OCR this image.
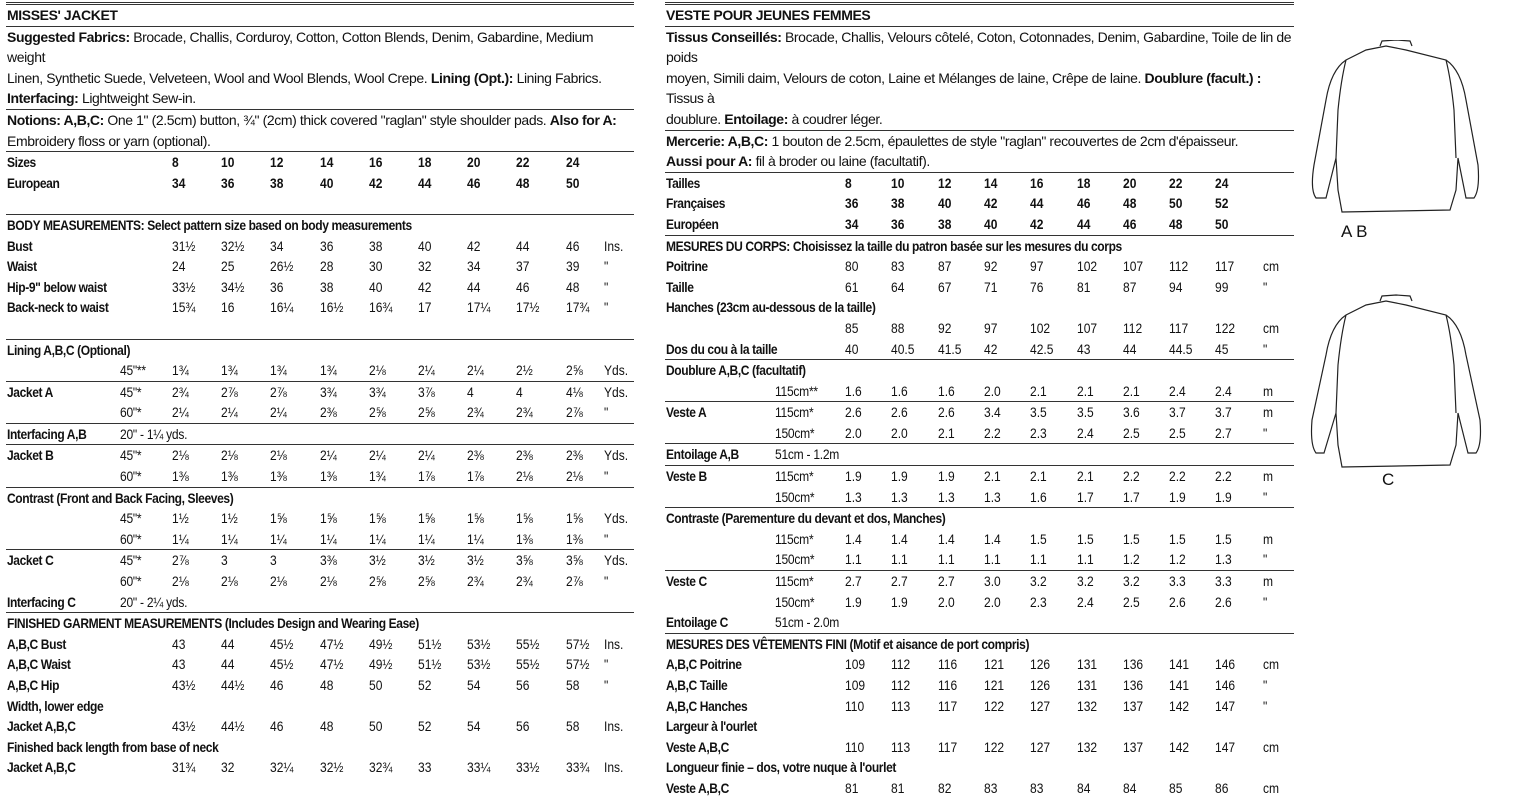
MISSES' JACKET
Suggested Fabrics: Brocade, Challis, Corduroy, Cotton, Cotton Blends, Denim, Gabardine, Medium weight
Linen, Synthetic Suede, Velveteen, Wool and Wool Blends, Wool Crepe. Lining (Opt.): Lining Fabrics.
Interfacing: Lightweight Sew-in.
Notions: A,B,C: One 1" (2.5cm) button, ¾" (2cm) thick covered "raglan" style shoulder pads. Also for A:
Embroidery floss or yarn (optional).
Sizes	8	10	12	14	16	18	20	22	24
European	34	36	38	40	42	44	46	48	50
BODY MEASUREMENTS: Select pattern size based on body measurements
Bust	31½ 32½ 34	36	38	40	42	44	46 Ins.
Waist	24	25	26½ 28	30	32	34	37	39 "
Hip-9" below waist	33½ 34½ 36	38	40	42	44	46	48 "
Back-neck to waist	15¾ 16	16¼ 16½ 16¾ 17	17¼ 17½ 17¾ "
Lining A,B,C (Optional)
45"** 1¾ 1¾ 1¾ 1¾ 2⅛ 2¼ 2¼ 2½ 2⅝ Yds.
Jacket A	45"* 2¾ 2⅞ 2⅞ 3¾ 3¾ 3⅞ 4	4	4⅛ Yds.
60"* 2¼ 2¼ 2¼ 2⅜ 2⅝ 2⅝ 2¾ 2¾ 2⅞ "
Interfacing A,B 20" - 1¼ yds.
Jacket B	45"* 2⅛ 2⅛ 2⅛ 2¼ 2¼ 2¼ 2⅜ 2⅜ 2⅜ Yds.
60"* 1⅜ 1⅜ 1⅜ 1⅜ 1¾ 1⅞ 1⅞ 2⅛ 2⅛ "
Contrast (Front and Back Facing, Sleeves)
45"* 1½ 1½ 1⅝ 1⅝ 1⅝ 1⅝ 1⅝ 1⅝ 1⅝ Yds.
60"* 1¼ 1¼ 1¼ 1¼ 1¼ 1¼ 1¼ 1⅜ 1⅜ "
Jacket C	45"* 2⅞ 3	3	3⅜ 3½ 3½ 3½ 3⅝ 3⅝ Yds.
60"* 2⅛ 2⅛ 2⅛ 2⅛ 2⅝ 2⅝ 2¾ 2¾ 2⅞ "
Interfacing C	20" - 2¼ yds.
FINISHED GARMENT MEASUREMENTS (Includes Design and Wearing Ease)
A,B,C Bust	43	44	45½ 47½ 49½ 51½ 53½ 55½ 57½ Ins.
A,B,C Waist	43	44	45½ 47½ 49½ 51½ 53½ 55½ 57½ "
A,B,C Hip	43½ 44½ 46	48	50	52	54	56	58 "
Width, lower edge
Jacket A,B,C	43½ 44½ 46	48	50	52	54	56	58 Ins.
Finished back length from base of neck
Jacket A,B,C	31¾ 32	32¼ 32½ 32¾ 33	33¼ 33½ 33¾ Ins.
VESTE POUR JEUNES FEMMES
Tissus Conseillés: Brocade, Challis, Velours côtelé, Coton, Cotonnades, Denim, Gabardine, Toile de lin de poids
moyen, Simili daim, Velours de coton, Laine et Mélanges de laine, Crêpe de laine. Doublure (facult.) : Tissus à
doublure. Entoilage: à coudrer léger.
Mercerie: A,B,C: 1 bouton de 2.5cm, épaulettes de style "raglan" recouvertes de 2cm d'épaisseur.
Aussi pour A: fil à broder ou laine (facultatif).
Tailles	8	10 12 14 16 18 20 22 24
Françaises	36 38 40 42 44 46 48 50 52
Européen	34 36 38 40 42 44 46 48 50
MESURES DU CORPS: Choisissez la taille du patron basée sur les mesures du corps
Poitrine	80 83 87 92 97 102 107 112 117 cm
Taille	61 64 67 71 76 81 87 94 99 "
Hanches (23cm au-dessous de la taille)
85 88 92 97 102 107 112 117 122 cm
Dos du cou à la taille	40 40.5 41.5 42 42.5 43 44 44.5 45 "
Doublure A,B,C (facultatif)
115cm** 1.6 1.6 1.6 2.0 2.1 2.1 2.1 2.4 2.4 m
Veste A	115cm* 2.6 2.6 2.6 3.4 3.5 3.5 3.6 3.7 3.7 m
150cm* 2.0 2.0 2.1 2.2 2.3 2.4 2.5 2.5 2.7 "
Entoilage A,B	51cm - 1.2m
Veste B	115cm* 1.9 1.9 1.9 2.1 2.1 2.1 2.2 2.2 2.2 m
150cm* 1.3 1.3 1.3 1.3 1.6 1.7 1.7 1.9 1.9 "
Contraste (Parementure du devant et dos, Manches)
115cm* 1.4 1.4 1.4 1.4 1.5 1.5 1.5 1.5 1.5 m
150cm* 1.1 1.1 1.1 1.1 1.1 1.1 1.2 1.2 1.3 "
Veste C	115cm* 2.7 2.7 2.7 3.0 3.2 3.2 3.2 3.3 3.3 m
150cm* 1.9 1.9 2.0 2.0 2.3 2.4 2.5 2.6 2.6 "
Entoilage C	51cm - 2.0m
MESURES DES VÊTEMENTS FINI (Motif et aisance de port compris)
A,B,C Poitrine	109 112 116 121 126 131 136 141 146 cm
A,B,C Taille	109 112 116 121 126 131 136 141 146 "
A,B,C Hanches	110 113 117 122 127 132 137 142 147 "
Largeur à l'ourlet
Veste A,B,C	110 113 117 122 127 132 137 142 147 cm
Longueur finie – dos, votre nuque à l'ourlet
Veste A,B,C	81 81 82 83 83 84 84 85 86 cm
A B
C
